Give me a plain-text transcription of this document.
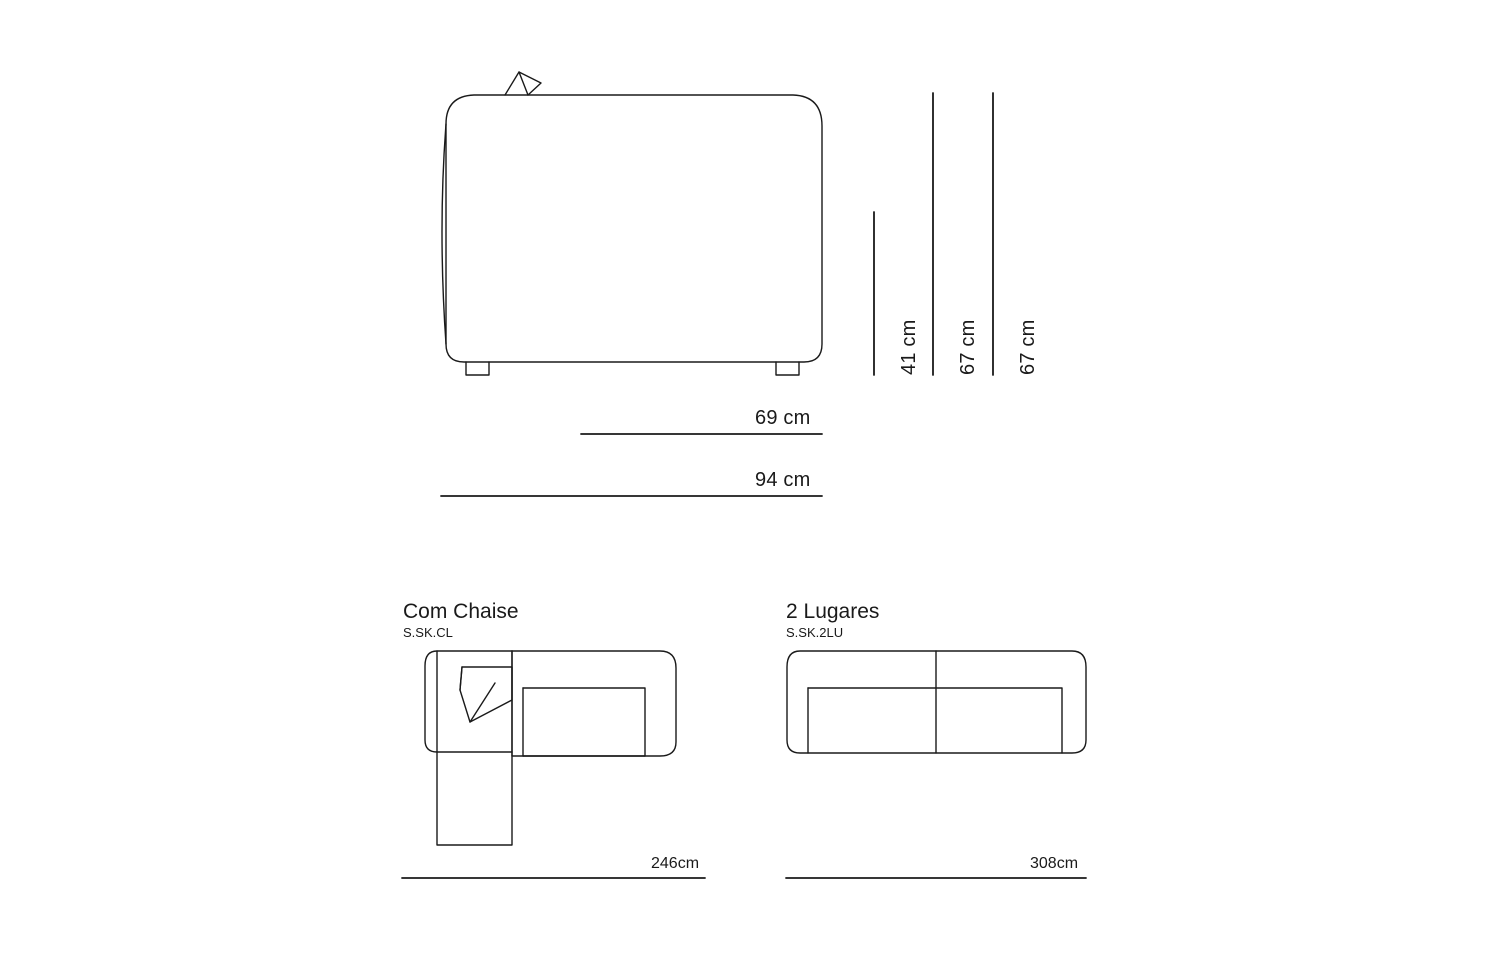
41 cm 67 cm 67 cm
69 cm
94 cm
Com Chaise
S.SK.CL
246cm
2 Lugares
S.SK.2LU
308cm
